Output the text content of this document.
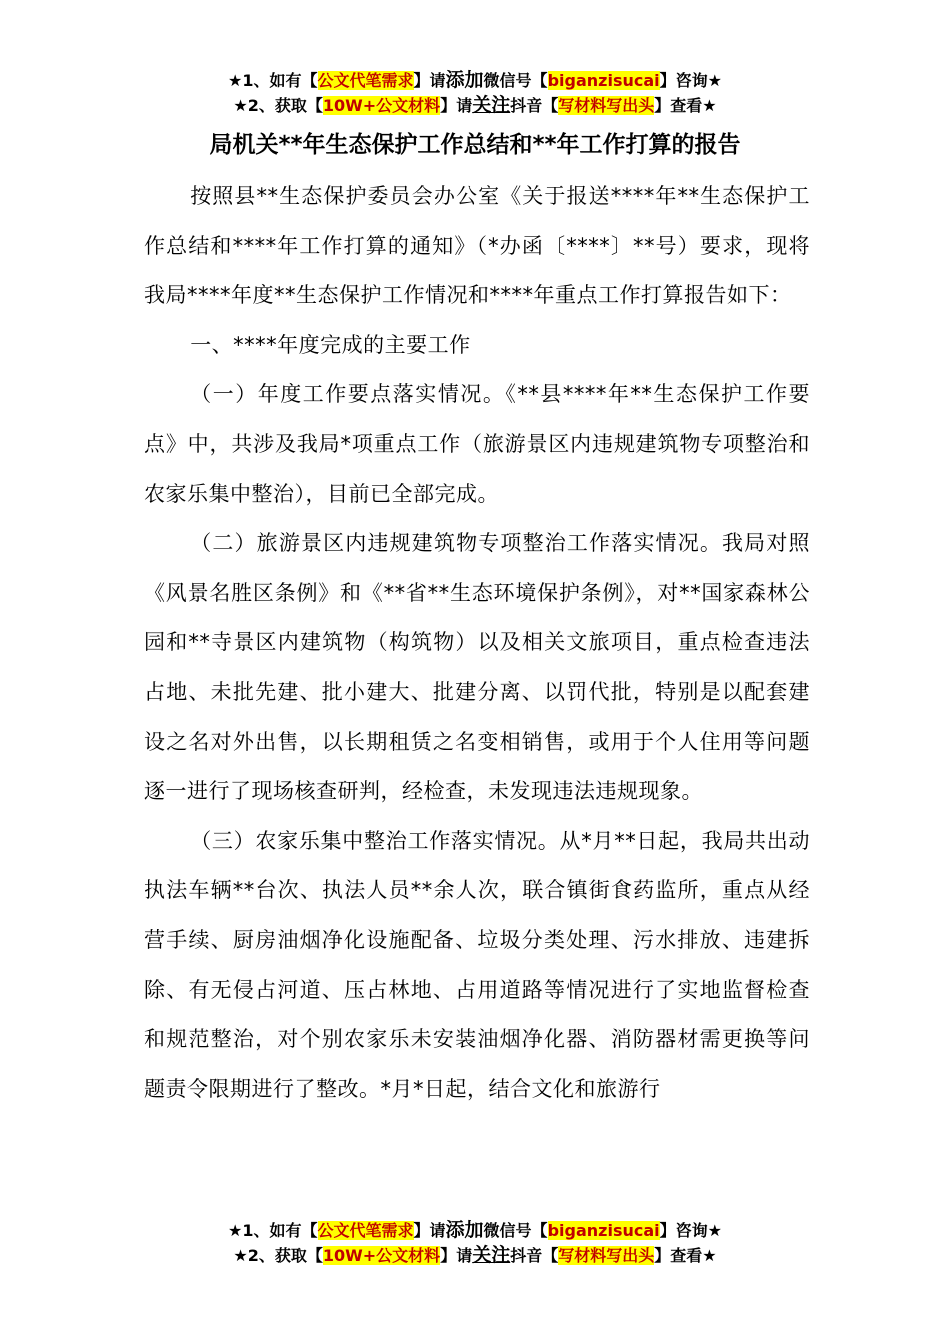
★1、如有【公文代笔需求】请添加微信号【biganzisucai】咨询★
★2、获取【10W+公文材料】请关注抖音【写材料写出头】查看★
局机关**年生态保护工作总结和**年工作打算的报告

按照县**生态保护委员会办公室《关于报送****年**生态保护工作总结和****年工作打算的通知》（*办函〔****〕**号）要求，现将我局****年度**生态保护工作情况和****年重点工作打算报告如下：

一、****年度完成的主要工作

（一）年度工作要点落实情况。《**县****年**生态保护工作要点》中，共涉及我局*项重点工作（旅游景区内违规建筑物专项整治和农家乐集中整治），目前已全部完成。

（二）旅游景区内违规建筑物专项整治工作落实情况。我局对照《风景名胜区条例》和《**省**生态环境保护条例》，对**国家森林公园和**寺景区内建筑物（构筑物）以及相关文旅项目，重点检查违法占地、未批先建、批小建大、批建分离、以罚代批，特别是以配套建设之名对外出售，以长期租赁之名变相销售，或用于个人住用等问题逐一进行了现场核查研判，经检查，未发现违法违规现象。

（三）农家乐集中整治工作落实情况。从*月**日起，我局共出动执法车辆**台次、执法人员**余人次，联合镇街食药监所，重点从经营手续、厨房油烟净化设施配备、垃圾分类处理、污水排放、违建拆除、有无侵占河道、压占林地、占用道路等情况进行了实地监督检查和规范整治，对个别农家乐未安装油烟净化器、消防器材需更换等问题责令限期进行了整改。*月*日起，结合文化和旅游行

★1、如有【公文代笔需求】请添加微信号【biganzisucai】咨询★
★2、获取【10W+公文材料】请关注抖音【写材料写出头】查看★
